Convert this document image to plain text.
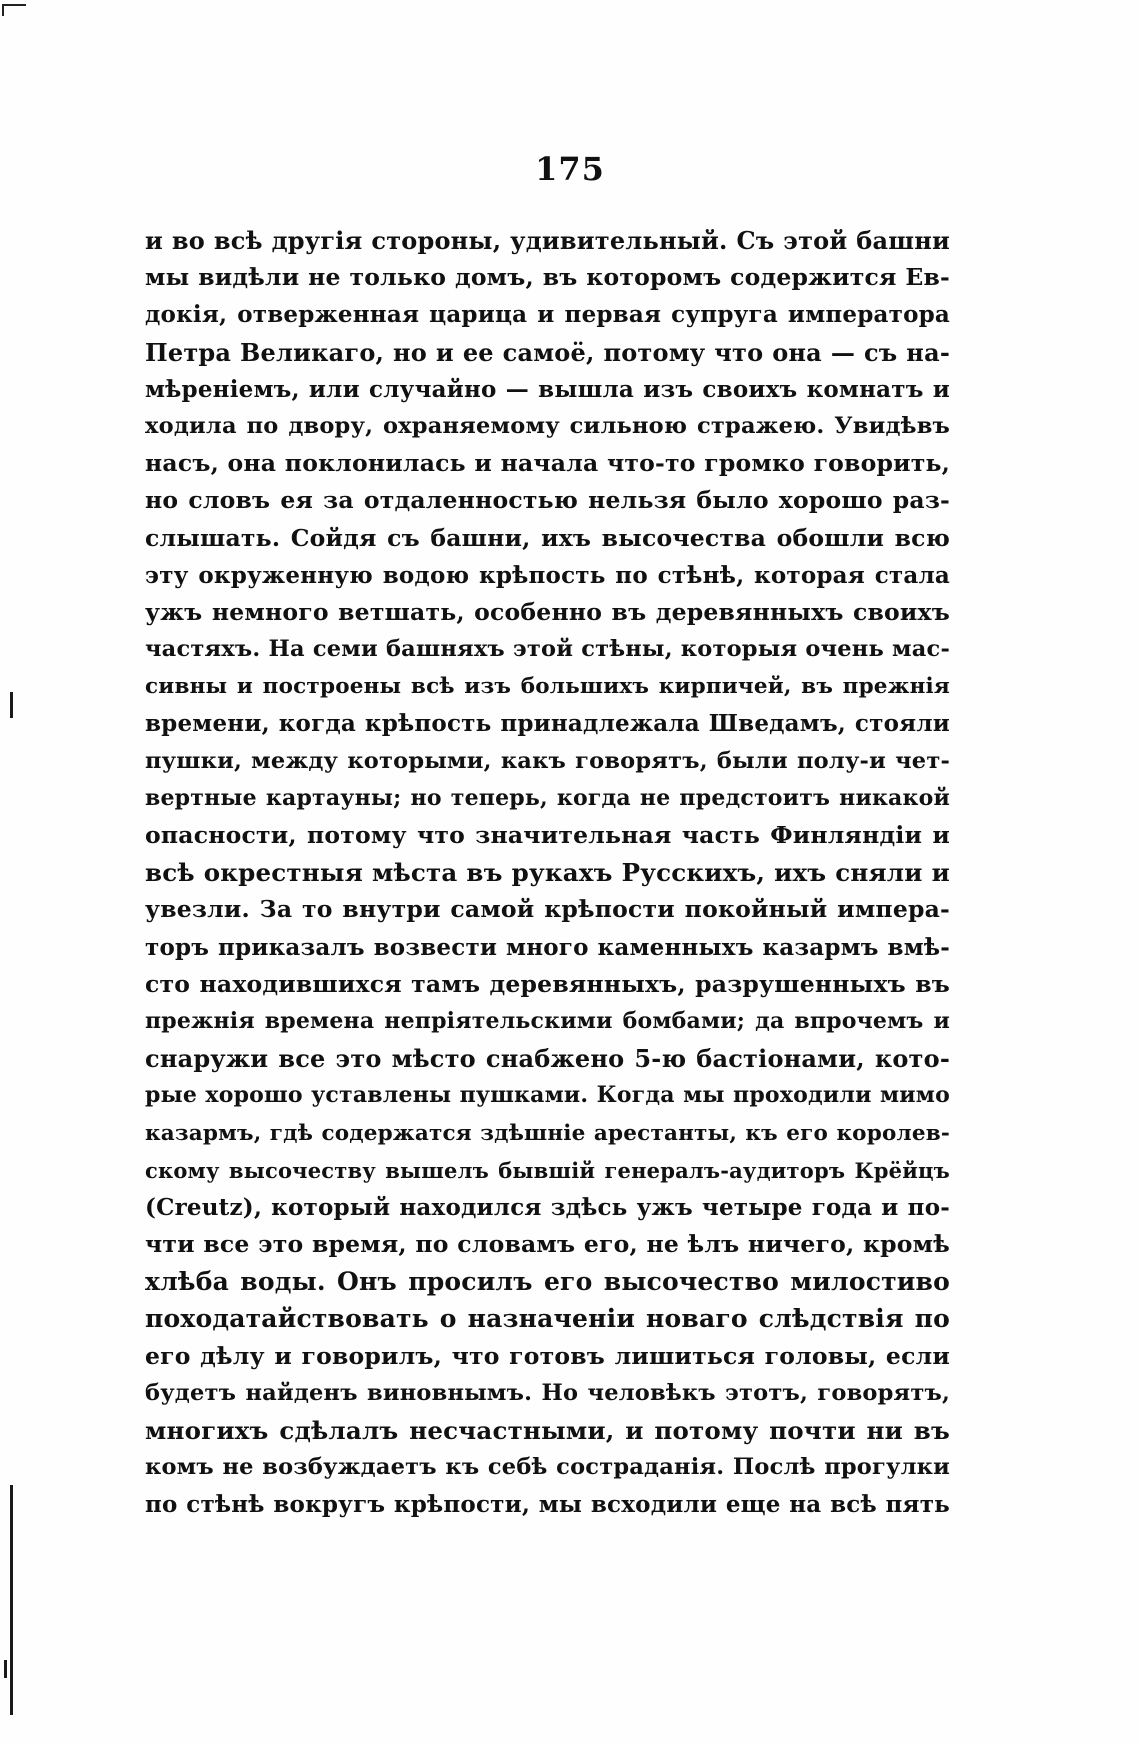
175
и во всѣ другія стороны, удивительный. Съ этой башни
мы видѣли не только домъ, въ которомъ содержится Ев-
докія, отверженная царица и первая супруга императора
Петра Великаго, но и ее самоё, потому что она — съ на-
мѣреніемъ, или случайно — вышла изъ своихъ комнатъ и
ходила по двору, охраняемому сильною стражею. Увидѣвъ
насъ, она поклонилась и начала что-то громко говорить,
но словъ ея за отдаленностью нельзя было хорошо раз-
слышать. Сойдя съ башни, ихъ высочества обошли всю
эту окруженную водою крѣпость по стѣнѣ, которая стала
ужъ немного ветшать, особенно въ деревянныхъ своихъ
частяхъ. На семи башняхъ этой стѣны, которыя очень мас-
сивны и построены всѣ изъ большихъ кирпичей, въ прежнія
времени, когда крѣпость принадлежала Шведамъ, стояли
пушки, между которыми, какъ говорятъ, были полу-и чет-
вертные картауны; но теперь, когда не предстоитъ никакой
опасности, потому что значительная часть Финляндіи и
всѣ окрестныя мѣста въ рукахъ Русскихъ, ихъ сняли и
увезли. За то внутри самой крѣпости покойный импера-
торъ приказалъ возвести много каменныхъ казармъ вмѣ-
сто находившихся тамъ деревянныхъ, разрушенныхъ въ
прежнія времена непріятельскими бомбами; да впрочемъ и
снаружи все это мѣсто снабжено 5-ю бастіонами, кото-
рые хорошо уставлены пушками. Когда мы проходили мимо
казармъ, гдѣ содержатся здѣшніе арестанты, къ его королев-
скому высочеству вышелъ бывшій генералъ-аудиторъ Крёйцъ
(Creutz), который находился здѣсь ужъ четыре года и по-
чти все это время, по словамъ его, не ѣлъ ничего, кромѣ
хлѣба воды. Онъ просилъ его высочество милостиво
походатайствовать о назначеніи новаго слѣдствія по
его дѣлу и говорилъ, что готовъ лишиться головы, если
будетъ найденъ виновнымъ. Но человѣкъ этотъ, говорятъ,
многихъ сдѣлалъ несчастными, и потому почти ни въ
комъ не возбуждаетъ къ себѣ состраданія. Послѣ прогулки
по стѣнѣ вокругъ крѣпости, мы всходили еще на всѣ пять
